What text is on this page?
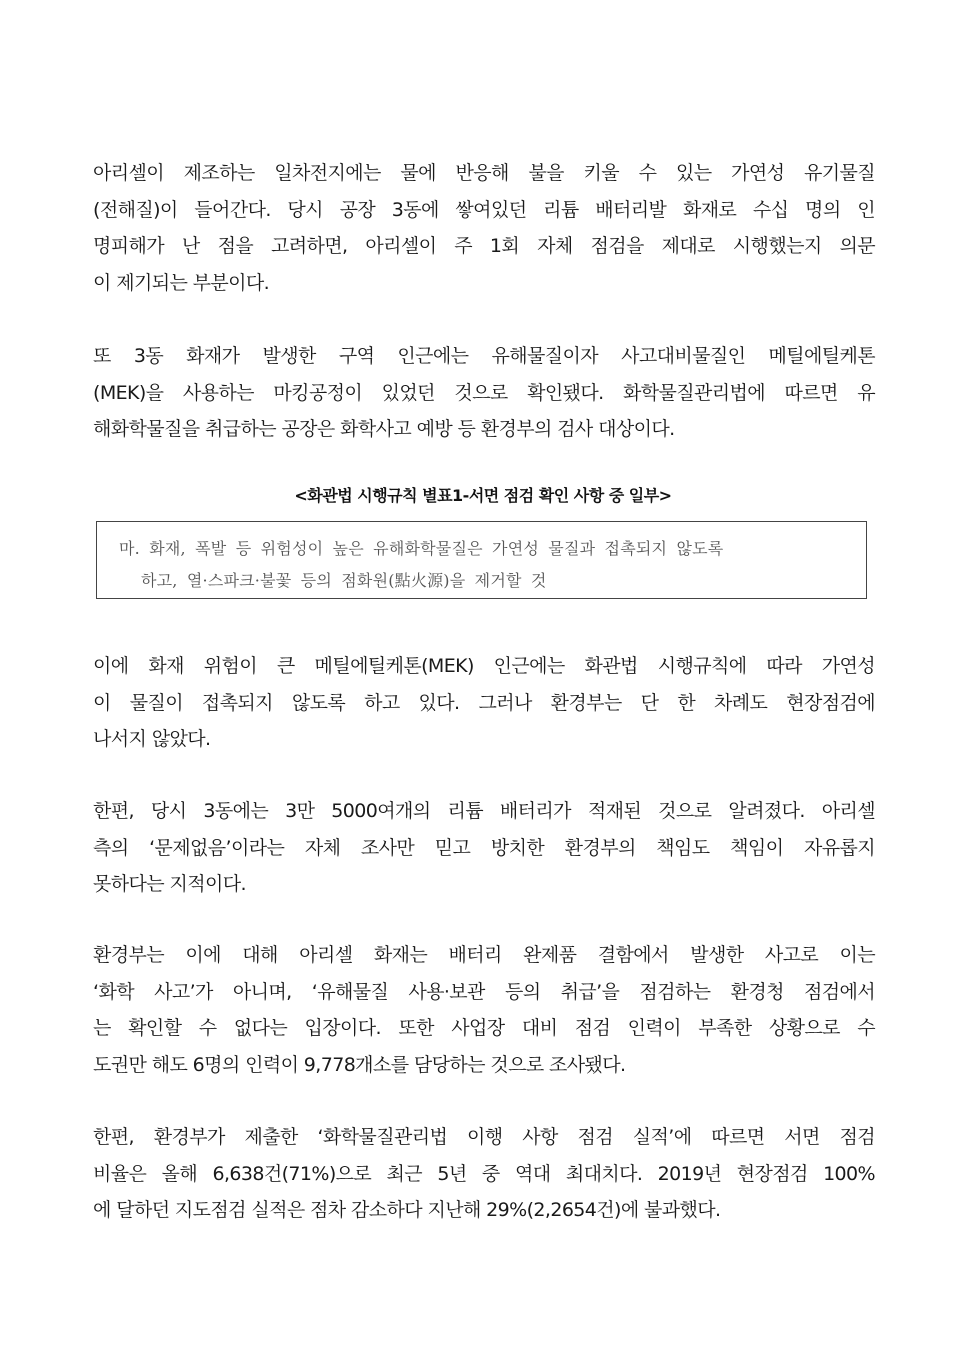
아리셀이 제조하는 일차전지에는 물에 반응해 불을 키울 수 있는 가연성 유기물질
(전해질)이 들어간다. 당시 공장 3동에 쌓여있던 리튬 배터리발 화재로 수십 명의 인
명피해가 난 점을 고려하면, 아리셀이 주 1회 자체 점검을 제대로 시행했는지 의문
이 제기되는 부분이다.

또 3동 화재가 발생한 구역 인근에는 유해물질이자 사고대비물질인 메틸에틸케톤
(MEK)을 사용하는 마킹공정이 있었던 것으로 확인됐다. 화학물질관리법에 따르면 유
해화학물질을 취급하는 공장은 화학사고 예방 등 환경부의 검사 대상이다.

<화관법 시행규칙 별표1-서면 점검 확인 사항 중 일부>
마. 화재, 폭발 등 위험성이 높은 유해화학물질은 가연성 물질과 접촉되지 않도록
하고, 열·스파크·불꽃 등의 점화원(點火源)을 제거할 것

이에 화재 위험이 큰 메틸에틸케톤(MEK) 인근에는 화관법 시행규칙에 따라 가연성
이 물질이 접촉되지 않도록 하고 있다. 그러나 환경부는 단 한 차례도 현장점검에
나서지 않았다.

한편, 당시 3동에는 3만 5000여개의 리튬 배터리가 적재된 것으로 알려졌다. 아리셀
측의 ‘문제없음’이라는 자체 조사만 믿고 방치한 환경부의 책임도 책임이 자유롭지
못하다는 지적이다.

환경부는 이에 대해 아리셀 화재는 배터리 완제품 결함에서 발생한 사고로 이는
‘화학 사고’가 아니며, ‘유해물질 사용·보관 등의 취급’을 점검하는 환경청 점검에서
는 확인할 수 없다는 입장이다. 또한 사업장 대비 점검 인력이 부족한 상황으로 수
도권만 해도 6명의 인력이 9,778개소를 담당하는 것으로 조사됐다.

한편, 환경부가 제출한 ‘화학물질관리법 이행 사항 점검 실적’에 따르면 서면 점검
비율은 올해 6,638건(71%)으로 최근 5년 중 역대 최대치다. 2019년 현장점검 100%
에 달하던 지도점검 실적은 점차 감소하다 지난해 29%(2,2654건)에 불과했다.
